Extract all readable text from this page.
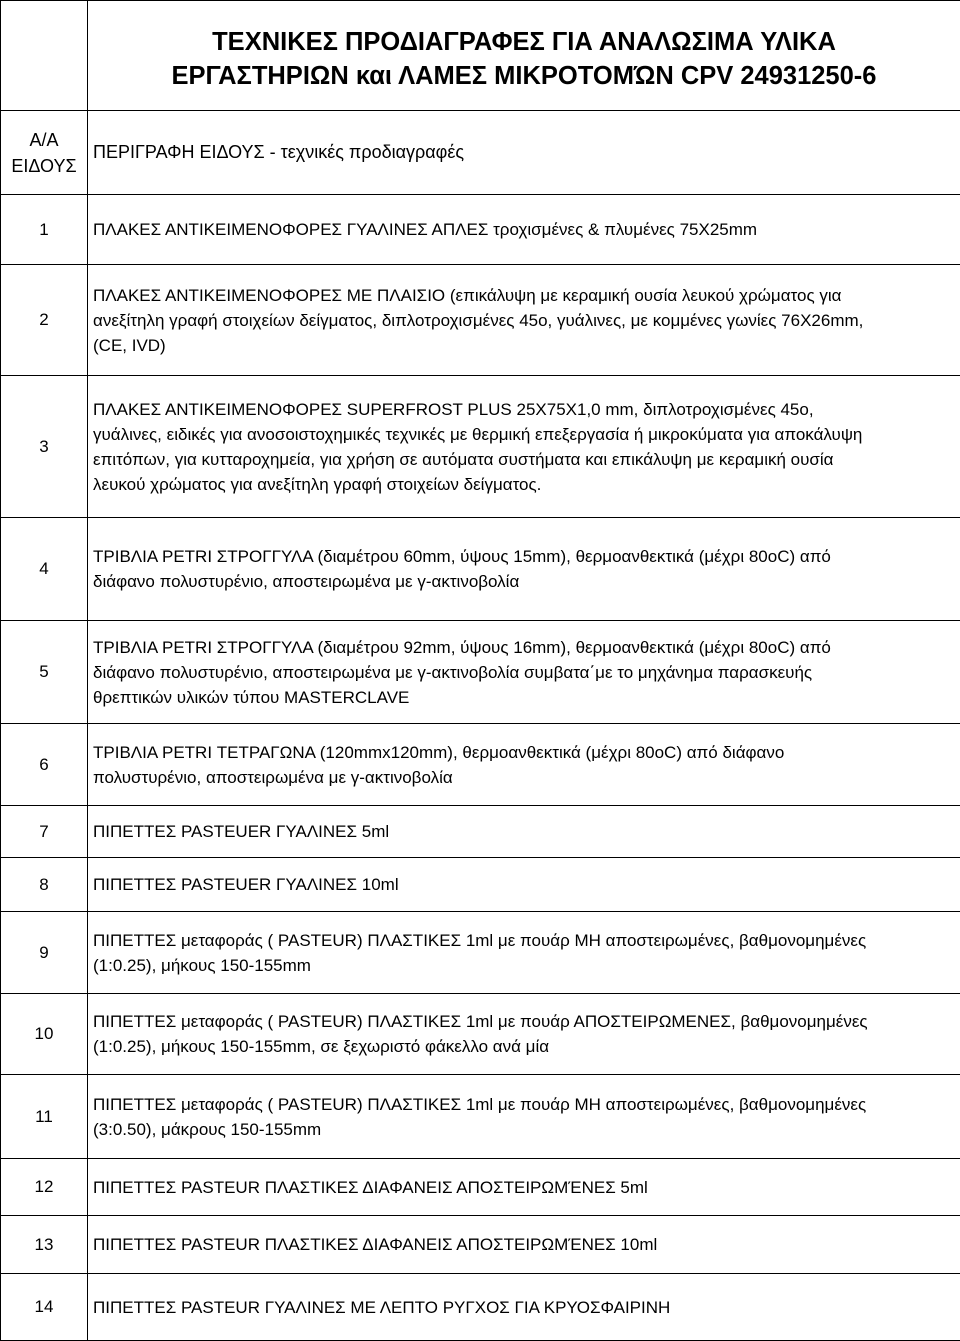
	ΤΕΧΝΙΚΕΣ ΠΡΟΔΙΑΓΡΑΦΕΣ ΓΙΑ ΑΝΑΛΩΣΙΜΑ ΥΛΙΚΑ
ΕΡΓΑΣΤΗΡΙΩΝ και ΛΑΜΕΣ ΜΙΚΡΟΤΟΜΏΝ CPV 24931250-6

Α/Α
ΕΙΔΟΥΣ	ΠΕΡΙΓΡΑΦΗ ΕΙΔΟΥΣ - τεχνικές προδιαγραφές
1	ΠΛΑΚΕΣ ΑΝΤΙΚΕΙΜΕΝΟΦΟΡΕΣ ΓΥΑΛΙΝΕΣ ΑΠΛΕΣ τροχισμένες & πλυμένες 75Χ25mm

2	ΠΛΑΚΕΣ ΑΝΤΙΚΕΙΜΕΝΟΦΟΡΕΣ ΜΕ ΠΛΑΙΣΙΟ (επικάλυψη με κεραμική ουσία λευκού χρώματος για
ανεξίτηλη γραφή στοιχείων δείγματος, διπλοτροχισμένες 45ο, γυάλινες, με κομμένες γωνίες 76Χ26mm,
(CE, IVD)

3	ΠΛΑΚΕΣ ΑΝΤΙΚΕΙΜΕΝΟΦΟΡΕΣ SUPERFROST PLUS 25X75X1,0 mm, διπλοτροχισμένες 45ο,
γυάλινες, ειδικές για ανοσοιστοχημικές τεχνικές με θερμική επεξεργασία ή μικροκύματα για αποκάλυψη
επιτόπων, για κυτταροχημεία, για χρήση σε αυτόματα συστήματα και επικάλυψη με κεραμική ουσία
λευκού χρώματος για ανεξίτηλη γραφή στοιχείων δείγματος.

4	ΤΡΙΒΛΙΑ PETRI ΣΤΡΟΓΓΥΛΑ (διαμέτρου 60mm, ύψους 15mm), θερμοανθεκτικά (μέχρι 80oC) από
διάφανο πολυστυρένιο, αποστειρωμένα με γ-ακτινοβολία

5	ΤΡΙΒΛΙΑ PETRI ΣΤΡΟΓΓΥΛΑ (διαμέτρου 92mm, ύψους 16mm), θερμοανθεκτικά (μέχρι 80oC) από
διάφανο πολυστυρένιο, αποστειρωμένα με γ-ακτινοβολία συμβατα΄με το μηχάνημα παρασκευής
θρεπτικών υλικών τύπου MASTERCLAVE

6	ΤΡΙΒΛΙΑ PETRI ΤΕΤΡΑΓΩΝΑ (120mmx120mm), θερμοανθεκτικά (μέχρι 80oC) από διάφανο
πολυστυρένιο, αποστειρωμένα με γ-ακτινοβολία

7	ΠΙΠΕΤΤΕΣ PASTEUER ΓΥΑΛΙΝΕΣ 5ml

8	ΠΙΠΕΤΤΕΣ PASTEUER ΓΥΑΛΙΝΕΣ 10ml

9	ΠΙΠΕΤΤΕΣ μεταφοράς ( PASTEUR) ΠΛΑΣΤΙΚΕΣ 1ml με πουάρ ΜΗ αποστειρωμένες, βαθμονομημένες
(1:0.25), μήκους 150-155mm

10	ΠΙΠΕΤΤΕΣ μεταφοράς ( PASTEUR) ΠΛΑΣΤΙΚΕΣ 1ml με πουάρ ΑΠΟΣΤΕΙΡΩΜΕΝΕΣ, βαθμονομημένες
(1:0.25), μήκους 150-155mm, σε ξεχωριστό φάκελλο ανά μία

11	ΠΙΠΕΤΤΕΣ μεταφοράς ( PASTEUR) ΠΛΑΣΤΙΚΕΣ 1ml με πουάρ ΜΗ αποστειρωμένες, βαθμονομημένες
(3:0.50), μάκρους 150-155mm

12	ΠΙΠΕΤΤΕΣ PASTEUR ΠΛΑΣΤΙΚΕΣ ΔΙΑΦΑΝΕΙΣ ΑΠΟΣΤΕΙΡΩΜΈΝΕΣ 5ml

13	ΠΙΠΕΤΤΕΣ PASTEUR ΠΛΑΣΤΙΚΕΣ ΔΙΑΦΑΝΕΙΣ ΑΠΟΣΤΕΙΡΩΜΈΝΕΣ 10ml

14	ΠΙΠΕΤΤΕΣ PASTEUR ΓΥΑΛΙΝΕΣ ΜΕ ΛΕΠΤΟ ΡΥΓΧΟΣ ΓΙΑ ΚΡΥΟΣΦΑΙΡΙΝΗ
